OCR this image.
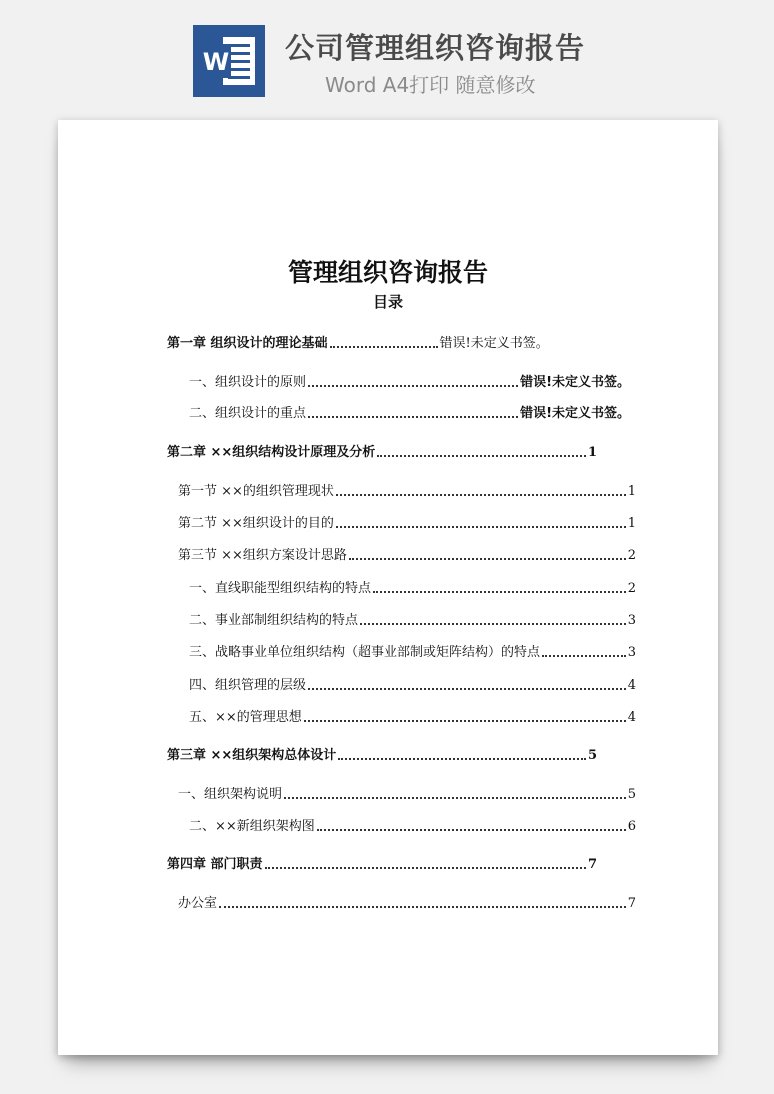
W 公司管理组织咨询报告
Word A4打印 随意修改
管理组织咨询报告
目录
第一章 组织设计的理论基础	错误!未定义书签。
一、组织设计的原则	错误!未定义书签。
二、组织设计的重点	错误!未定义书签。
第二章 ××组织结构设计原理及分析	1
第一节 ××的组织管理现状	1
第二节 ××组织设计的目的	1
第三节 ××组织方案设计思路	2
一、直线职能型组织结构的特点	2
二、事业部制组织结构的特点	3
三、战略事业单位组织结构（超事业部制或矩阵结构）的特点	3
四、组织管理的层级	4
五、××的管理思想	4
第三章 ××组织架构总体设计	5
一、组织架构说明	5
二、××新组织架构图	6
第四章 部门职责	7
办公室	7
